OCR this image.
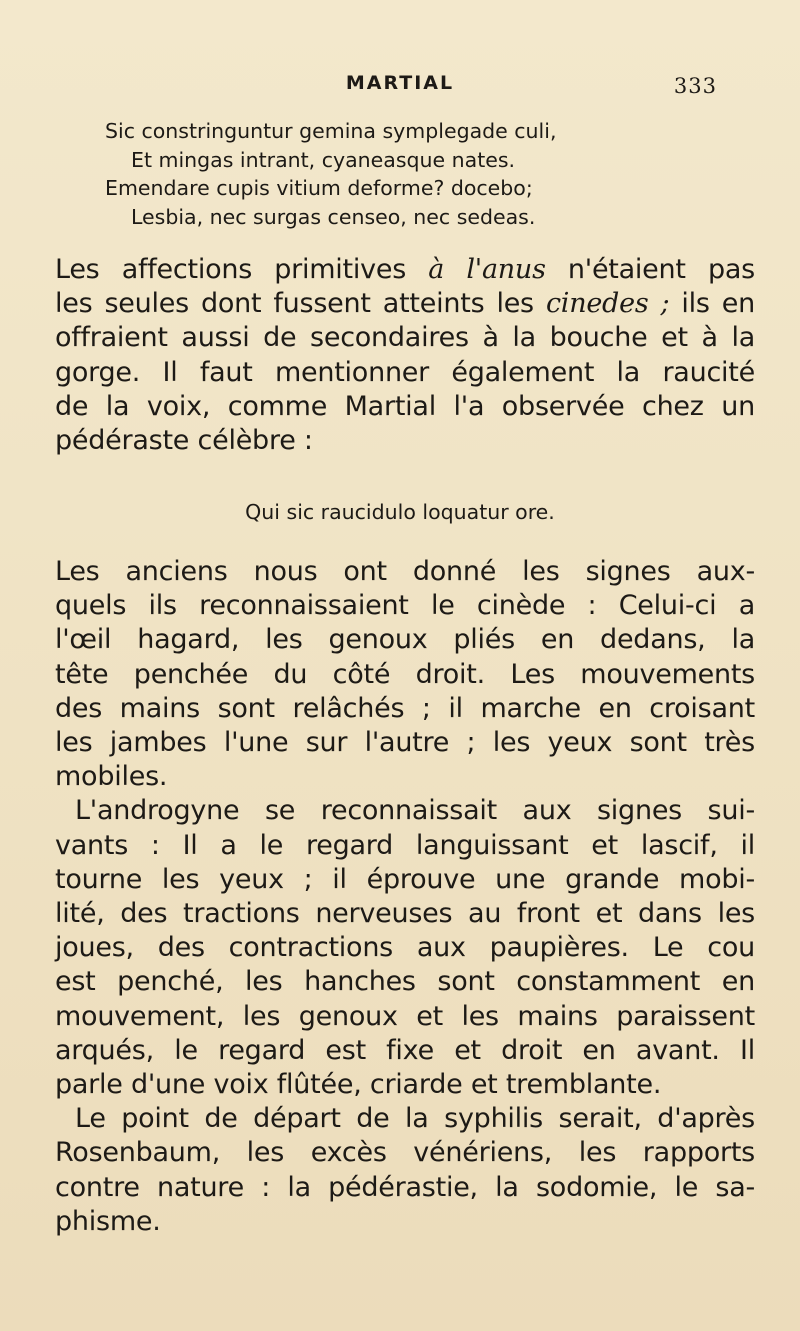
MARTIAL	333
Sic constringuntur gemina symplegade culi,
Et mingas intrant, cyaneasque nates.
Emendare cupis vitium deforme? docebo;
Lesbia, nec surgas censeo, nec sedeas.
Les affections primitives à l'anus n'étaient pas
les seules dont fussent atteints les cinedes ; ils en
offraient aussi de secondaires à la bouche et à la
gorge. Il faut mentionner également la raucité
de la voix, comme Martial l'a observée chez un
pédéraste célèbre :
Qui sic raucidulo loquatur ore.
Les anciens nous ont donné les signes aux-
quels ils reconnaissaient le cinède : Celui-ci a
l'œil hagard, les genoux pliés en dedans, la
tête penchée du côté droit. Les mouvements
des mains sont relâchés ; il marche en croisant
les jambes l'une sur l'autre ; les yeux sont très
mobiles.
L'androgyne se reconnaissait aux signes sui-
vants : Il a le regard languissant et lascif, il
tourne les yeux ; il éprouve une grande mobi-
lité, des tractions nerveuses au front et dans les
joues, des contractions aux paupières. Le cou
est penché, les hanches sont constamment en
mouvement, les genoux et les mains paraissent
arqués, le regard est fixe et droit en avant. Il
parle d'une voix flûtée, criarde et tremblante.
Le point de départ de la syphilis serait, d'après
Rosenbaum, les excès vénériens, les rapports
contre nature : la pédérastie, la sodomie, le sa-
phisme.
